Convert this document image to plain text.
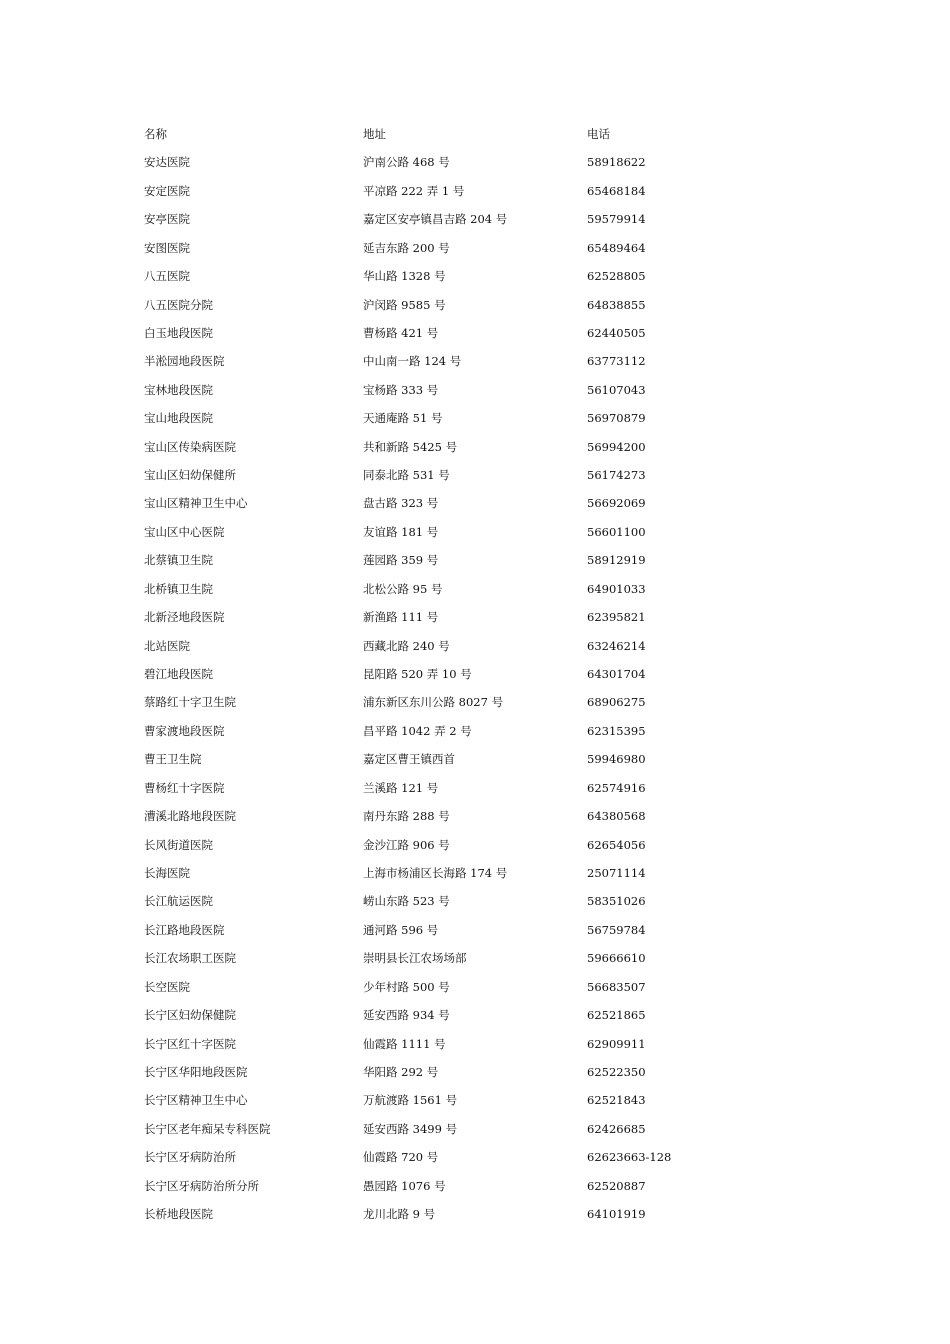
名称	地址	电话
安达医院	沪南公路 468 号	58918622
安定医院	平凉路 222 弄 1 号	65468184
安亭医院	嘉定区安亭镇昌吉路 204 号	59579914
安图医院	延吉东路 200 号	65489464
八五医院	华山路 1328 号	62528805
八五医院分院	沪闵路 9585 号	64838855
白玉地段医院	曹杨路 421 号	62440505
半淞园地段医院	中山南一路 124 号	63773112
宝林地段医院	宝杨路 333 号	56107043
宝山地段医院	天通庵路 51 号	56970879
宝山区传染病医院	共和新路 5425 号	56994200
宝山区妇幼保健所	同泰北路 531 号	56174273
宝山区精神卫生中心	盘古路 323 号	56692069
宝山区中心医院	友谊路 181 号	56601100
北蔡镇卫生院	莲园路 359 号	58912919
北桥镇卫生院	北松公路 95 号	64901033
北新泾地段医院	新渔路 111 号	62395821
北站医院	西藏北路 240 号	63246214
碧江地段医院	昆阳路 520 弄 10 号	64301704
蔡路红十字卫生院	浦东新区东川公路 8027 号	68906275
曹家渡地段医院	昌平路 1042 弄 2 号	62315395
曹王卫生院	嘉定区曹王镇西首	59946980
曹杨红十字医院	兰溪路 121 号	62574916
漕溪北路地段医院	南丹东路 288 号	64380568
长风街道医院	金沙江路 906 号	62654056
长海医院	上海市杨浦区长海路 174 号	25071114
长江航运医院	崂山东路 523 号	58351026
长江路地段医院	通河路 596 号	56759784
长江农场职工医院	崇明县长江农场场部	59666610
长空医院	少年村路 500 号	56683507
长宁区妇幼保健院	延安西路 934 号	62521865
长宁区红十字医院	仙霞路 1111 号	62909911
长宁区华阳地段医院	华阳路 292 号	62522350
长宁区精神卫生中心	万航渡路 1561 号	62521843
长宁区老年痴呆专科医院	延安西路 3499 号	62426685
长宁区牙病防治所	仙霞路 720 号	62623663-128
长宁区牙病防治所分所	愚园路 1076 号	62520887
长桥地段医院	龙川北路 9 号	64101919
